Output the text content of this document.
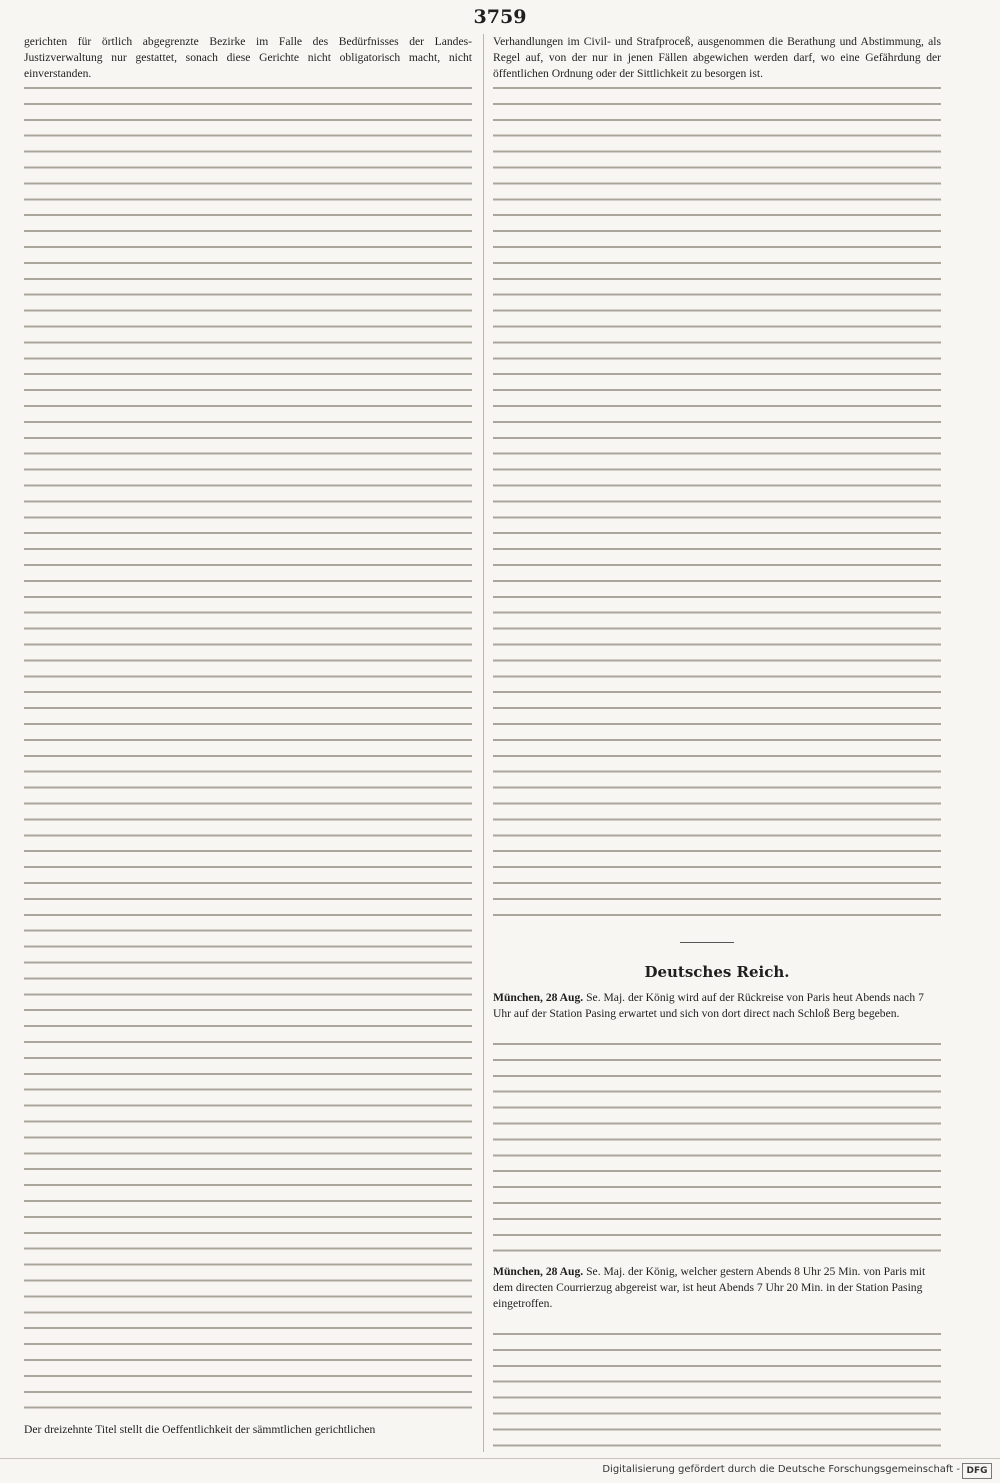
3759

gerichten für örtlich abgegrenzte Bezirke im Falle des Bedürfnisses der Landes-Justizverwaltung nur gestattet, sonach diese Gerichte nicht obligatorisch macht, nicht einverstanden.

Der dreizehnte Titel stellt die Oeffentlichkeit der sämmtlichen gerichtlichen

Verhandlungen im Civil- und Strafproceß, ausgenommen die Berathung und Abstimmung, als Regel auf, von der nur in jenen Fällen abgewichen werden darf, wo eine Gefährdung der öffentlichen Ordnung oder der Sittlichkeit zu besorgen ist.

Deutsches Reich.
München, 28 Aug. Se. Maj. der König wird auf der Rückreise von Paris heut Abends nach 7 Uhr auf der Station Pasing erwartet und sich von dort direct nach Schloß Berg begeben.
München, 28 Aug. Se. Maj. der König, welcher gestern Abends 8 Uhr 25 Min. von Paris mit dem directen Courrierzug abgereist war, ist heut Abends 7 Uhr 20 Min. in der Station Pasing eingetroffen.
Digitalisierung gefördert durch die Deutsche Forschungsgemeinschaft - DFG
